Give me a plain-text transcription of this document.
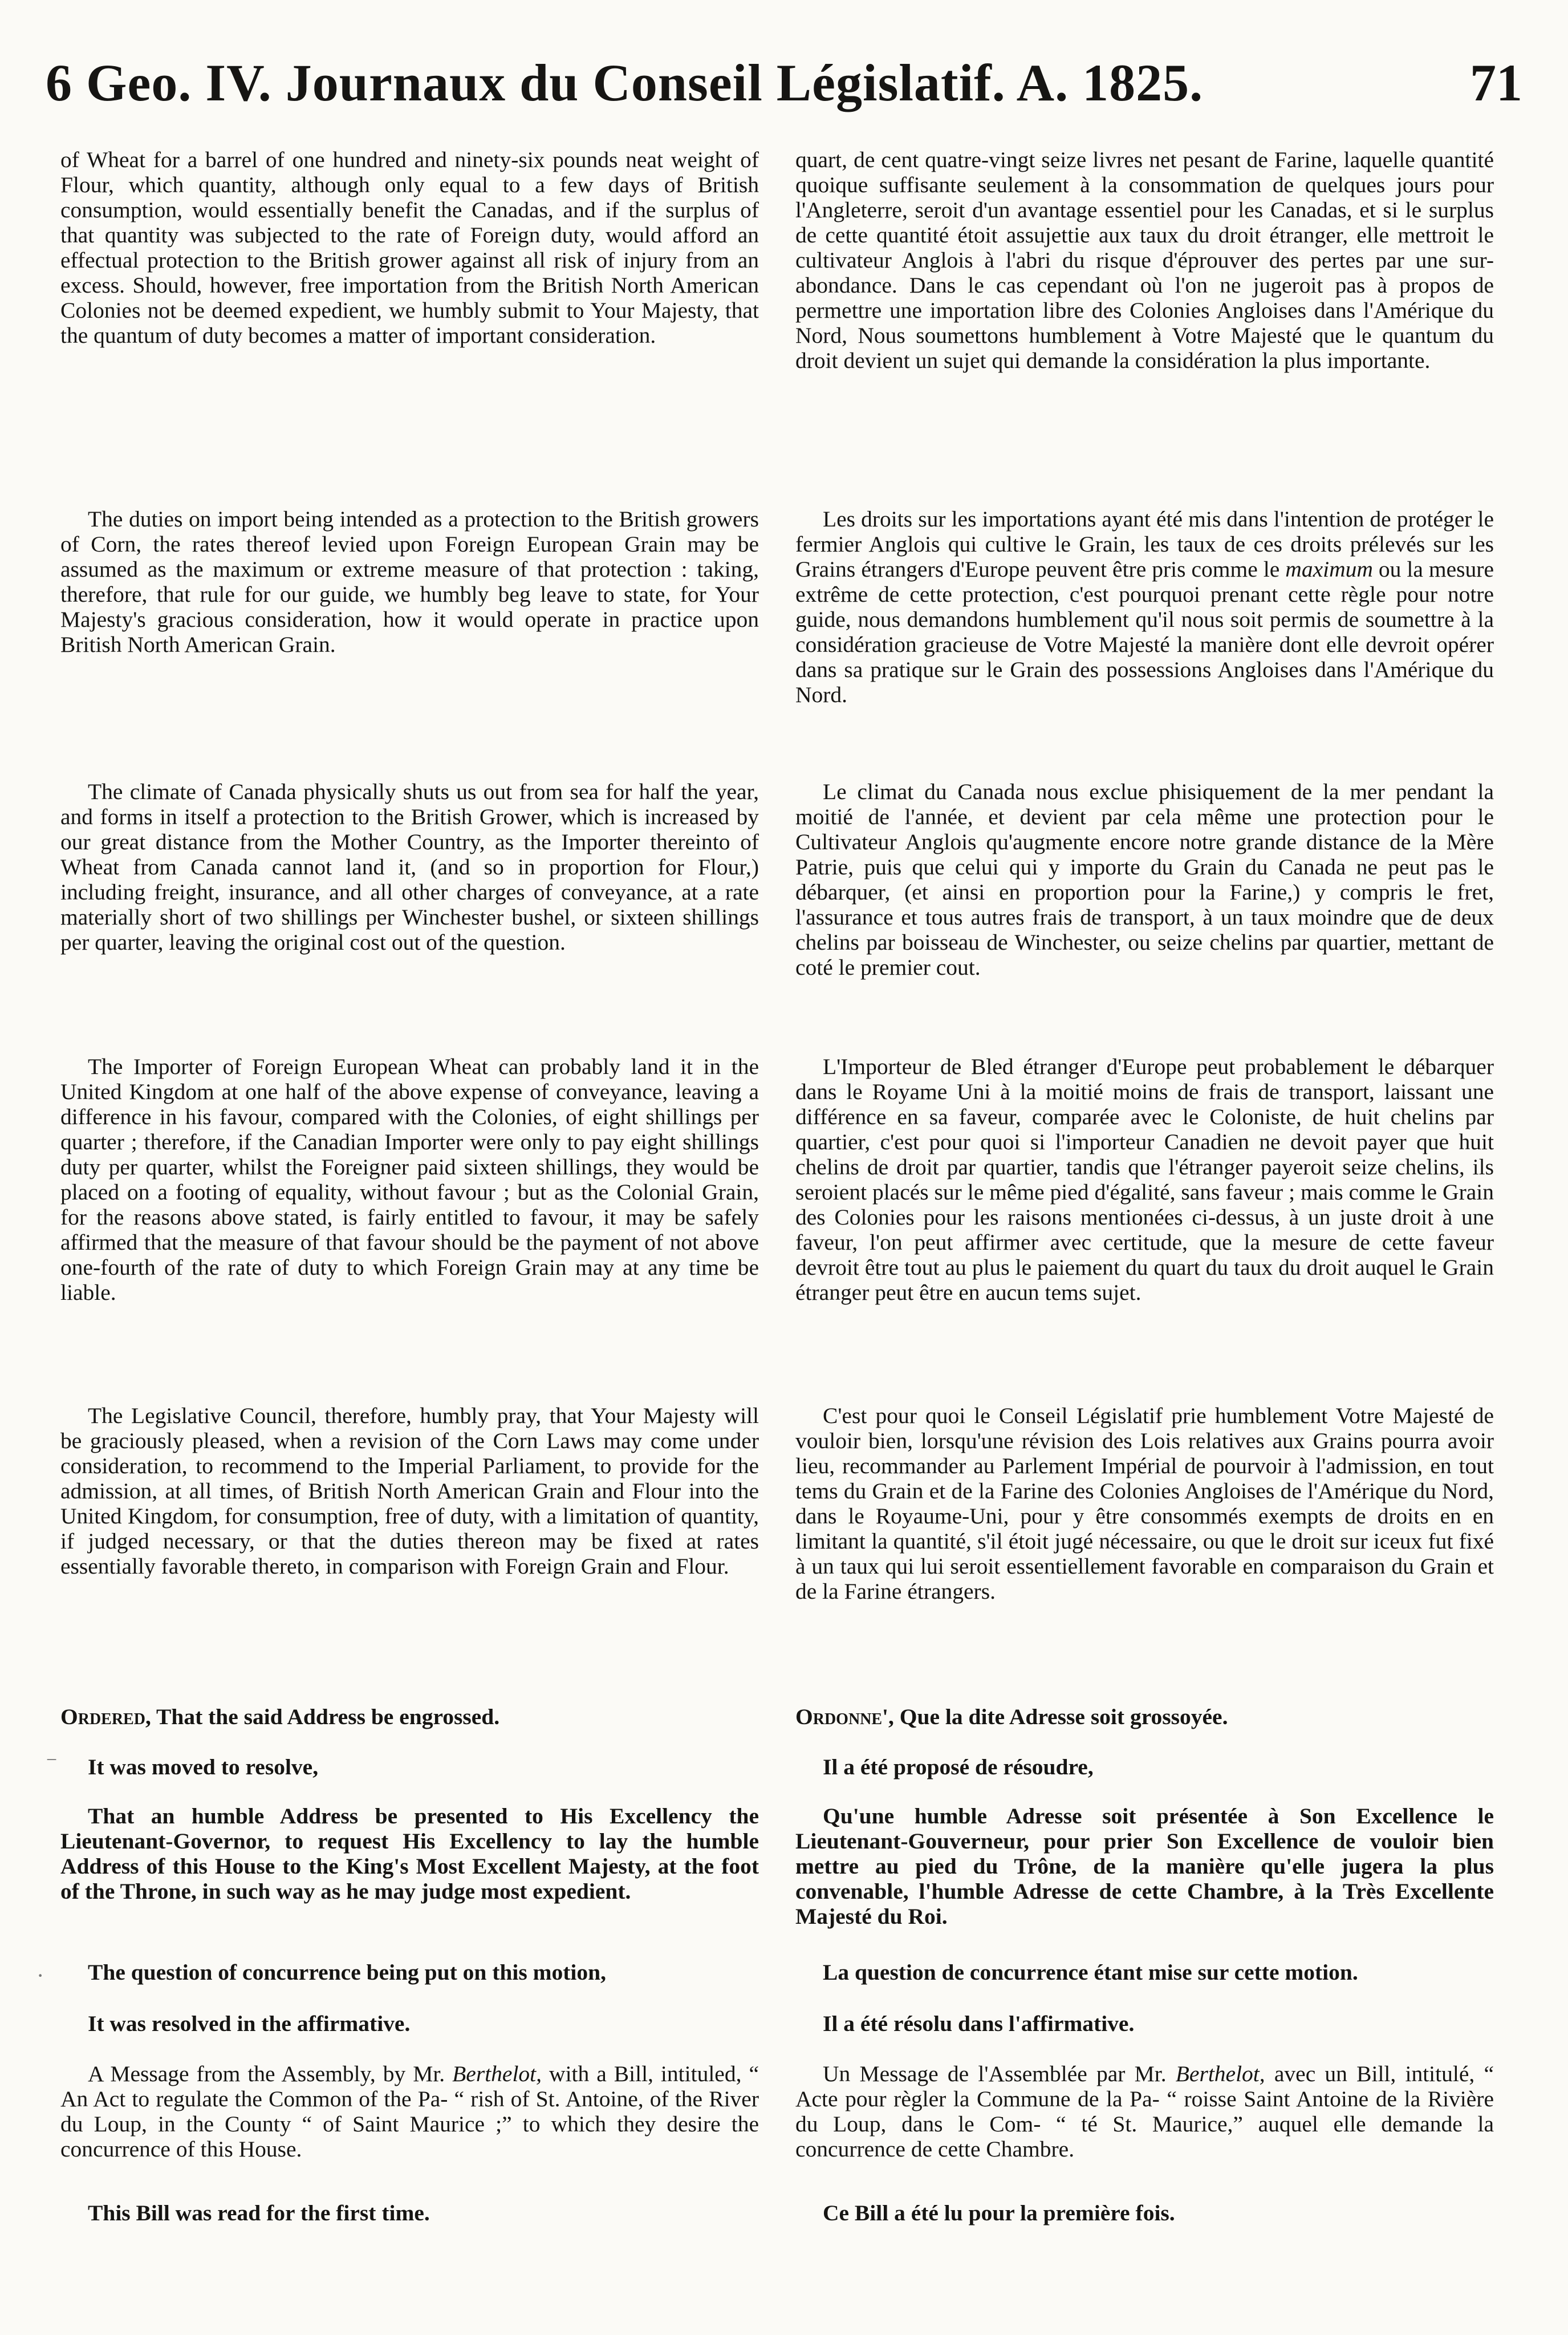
6 Geo. IV. Journaux du Conseil Législatif. A. 1825.	71

of Wheat for a barrel of one hundred and ninety-six pounds neat weight of Flour, which quantity, although only equal to a few days of British consumption, would essentially benefit the Canadas, and if the surplus of that quantity was subjected to the rate of Foreign duty, would afford an effectual protection to the British grower against all risk of injury from an excess. Should, however, free importation from the British North American Colonies not be deemed expedient, we humbly submit to Your Majesty, that the quantum of duty becomes a matter of important consideration.

The duties on import being intended as a protection to the British growers of Corn, the rates thereof levied upon Foreign European Grain may be assumed as the maximum or extreme measure of that protection : taking, therefore, that rule for our guide, we humbly beg leave to state, for Your Majesty's gracious consideration, how it would operate in practice upon British North American Grain.

The climate of Canada physically shuts us out from sea for half the year, and forms in itself a protection to the British Grower, which is increased by our great distance from the Mother Country, as the Importer thereinto of Wheat from Canada cannot land it, (and so in proportion for Flour,) including freight, insurance, and all other charges of conveyance, at a rate materially short of two shillings per Winchester bushel, or sixteen shillings per quarter, leaving the original cost out of the question.

The Importer of Foreign European Wheat can probably land it in the United Kingdom at one half of the above expense of conveyance, leaving a difference in his favour, compared with the Colonies, of eight shillings per quarter ; therefore, if the Canadian Importer were only to pay eight shillings duty per quarter, whilst the Foreigner paid sixteen shillings, they would be placed on a footing of equality, without favour ; but as the Colonial Grain, for the reasons above stated, is fairly entitled to favour, it may be safely affirmed that the measure of that favour should be the payment of not above one-fourth of the rate of duty to which Foreign Grain may at any time be liable.

The Legislative Council, therefore, humbly pray, that Your Majesty will be graciously pleased, when a revision of the Corn Laws may come under consideration, to recommend to the Imperial Parliament, to provide for the admission, at all times, of British North American Grain and Flour into the United Kingdom, for consumption, free of duty, with a limitation of quantity, if judged necessary, or that the duties thereon may be fixed at rates essentially favorable thereto, in comparison with Foreign Grain and Flour.

Ordered, That the said Address be engrossed.

It was moved to resolve,

That an humble Address be presented to His Excellency the Lieutenant-Governor, to request His Excellency to lay the humble Address of this House to the King's Most Excellent Majesty, at the foot of the Throne, in such way as he may judge most expedient.

The question of concurrence being put on this motion,

It was resolved in the affirmative.

A Message from the Assembly, by Mr. Berthelot, with a Bill, intituled, “ An Act to regulate the Common of the Pa- “ rish of St. Antoine, of the River du Loup, in the County “ of Saint Maurice ;” to which they desire the concurrence of this House.

This Bill was read for the first time.

quart, de cent quatre-vingt seize livres net pesant de Farine, laquelle quantité quoique suffisante seulement à la consommation de quelques jours pour l'Angleterre, seroit d'un avantage essentiel pour les Canadas, et si le surplus de cette quantité étoit assujettie aux taux du droit étranger, elle mettroit le cultivateur Anglois à l'abri du risque d'éprouver des pertes par une sur-abondance. Dans le cas cependant où l'on ne jugeroit pas à propos de permettre une importation libre des Colonies Angloises dans l'Amérique du Nord, Nous soumettons humblement à Votre Majesté que le quantum du droit devient un sujet qui demande la considération la plus importante.

Les droits sur les importations ayant été mis dans l'intention de protéger le fermier Anglois qui cultive le Grain, les taux de ces droits prélevés sur les Grains étrangers d'Europe peuvent être pris comme le maximum ou la mesure extrême de cette protection, c'est pourquoi prenant cette règle pour notre guide, nous demandons humblement qu'il nous soit permis de soumettre à la considération gracieuse de Votre Majesté la manière dont elle devroit opérer dans sa pratique sur le Grain des possessions Angloises dans l'Amérique du Nord.

Le climat du Canada nous exclue phisiquement de la mer pendant la moitié de l'année, et devient par cela même une protection pour le Cultivateur Anglois qu'augmente encore notre grande distance de la Mère Patrie, puis que celui qui y importe du Grain du Canada ne peut pas le débarquer, (et ainsi en proportion pour la Farine,) y compris le fret, l'assurance et tous autres frais de transport, à un taux moindre que de deux chelins par boisseau de Winchester, ou seize chelins par quartier, mettant de coté le premier cout.

L'Importeur de Bled étranger d'Europe peut probablement le débarquer dans le Royame Uni à la moitié moins de frais de transport, laissant une différence en sa faveur, comparée avec le Coloniste, de huit chelins par quartier, c'est pour quoi si l'importeur Canadien ne devoit payer que huit chelins de droit par quartier, tandis que l'étranger payeroit seize chelins, ils seroient placés sur le même pied d'égalité, sans faveur ; mais comme le Grain des Colonies pour les raisons mentionées ci-dessus, à un juste droit à une faveur, l'on peut affirmer avec certitude, que la mesure de cette faveur devroit être tout au plus le paiement du quart du taux du droit auquel le Grain étranger peut être en aucun tems sujet.

C'est pour quoi le Conseil Législatif prie humblement Votre Majesté de vouloir bien, lorsqu'une révision des Lois relatives aux Grains pourra avoir lieu, recommander au Parlement Impérial de pourvoir à l'admission, en tout tems du Grain et de la Farine des Colonies Angloises de l'Amérique du Nord, dans le Royaume-Uni, pour y être consommés exempts de droits en en limitant la quantité, s'il étoit jugé nécessaire, ou que le droit sur iceux fut fixé à un taux qui lui seroit essentiellement favorable en comparaison du Grain et de la Farine étrangers.

Ordonne', Que la dite Adresse soit grossoyée.

Il a été proposé de résoudre,

Qu'une humble Adresse soit présentée à Son Excellence le Lieutenant-Gouverneur, pour prier Son Excellence de vouloir bien mettre au pied du Trône, de la manière qu'elle jugera la plus convenable, l'humble Adresse de cette Chambre, à la Très Excellente Majesté du Roi.

La question de concurrence étant mise sur cette motion.

Il a été résolu dans l'affirmative.

Un Message de l'Assemblée par Mr. Berthelot, avec un Bill, intitulé, “ Acte pour règler la Commune de la Pa- “ roisse Saint Antoine de la Rivière du Loup, dans le Com- “ té St. Maurice,” auquel elle demande la concurrence de cette Chambre.

Ce Bill a été lu pour la première fois.

⁻
·
